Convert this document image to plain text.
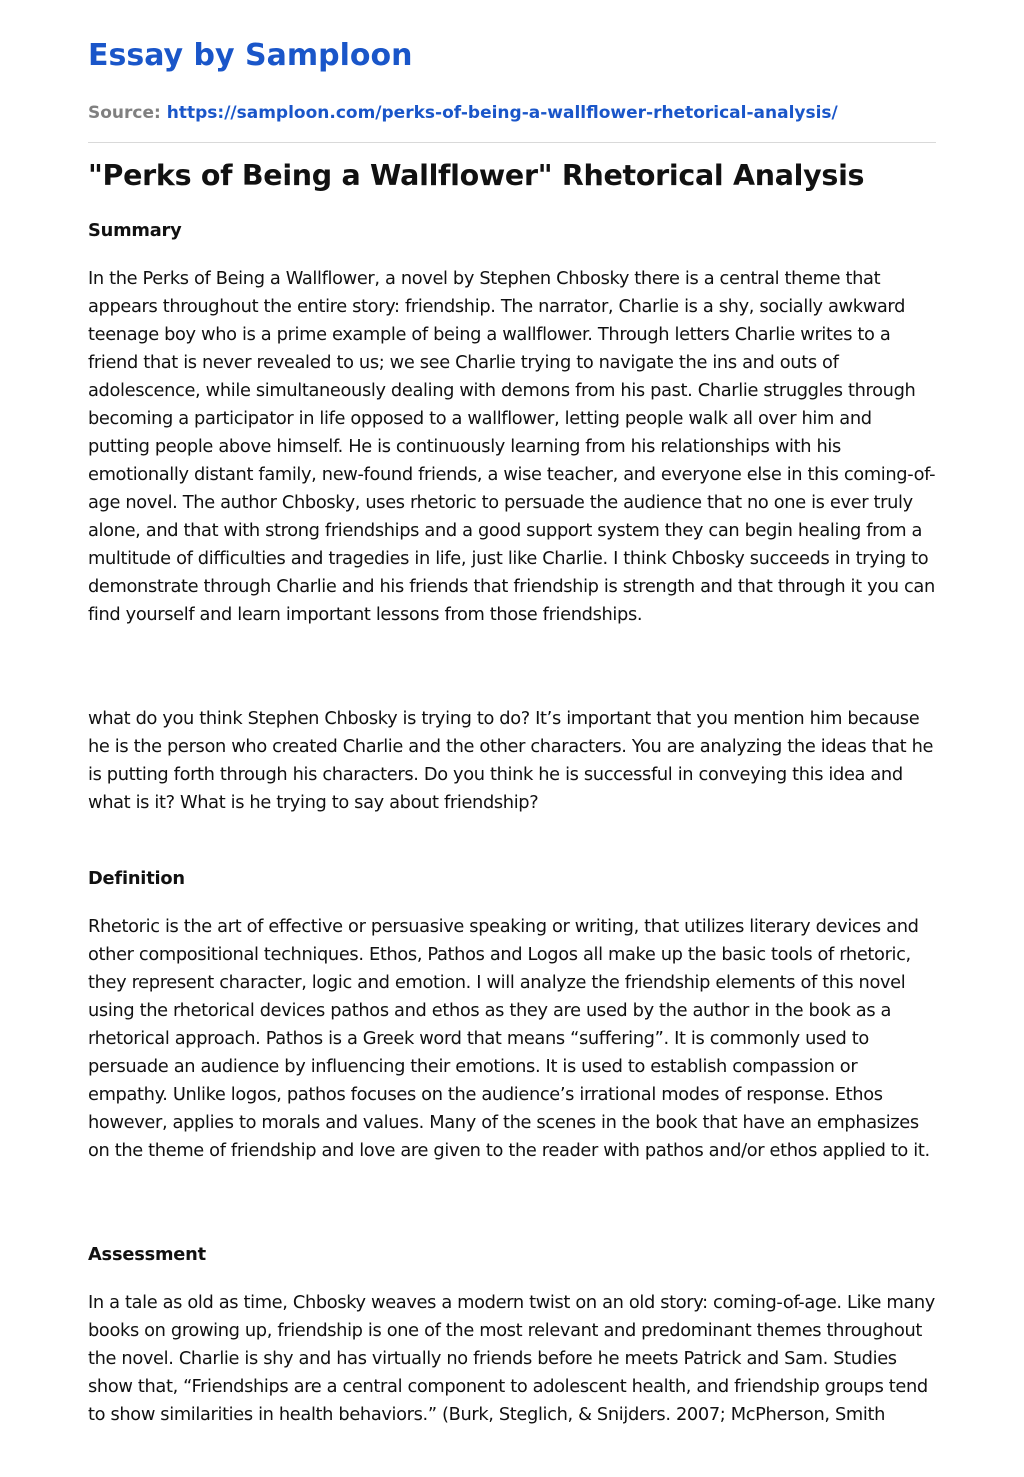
Essay by Samploon
Source: https://samploon.com/perks-of-being-a-wallflower-rhetorical-analysis/
"Perks of Being a Wallflower" Rhetorical Analysis
Summary

In the Perks of Being a Wallflower, a novel by Stephen Chbosky there is a central theme that appears throughout the entire story: friendship. The narrator, Charlie is a shy, socially awkward teenage boy who is a prime example of being a wallflower. Through letters Charlie writes to a friend that is never revealed to us; we see Charlie trying to navigate the ins and outs of adolescence, while simultaneously dealing with demons from his past. Charlie struggles through becoming a participator in life opposed to a wallflower, letting people walk all over him and putting people above himself. He is continuously learning from his relationships with his emotionally distant family, new-found friends, a wise teacher, and everyone else in this coming-of-age novel. The author Chbosky, uses rhetoric to persuade the audience that no one is ever truly alone, and that with strong friendships and a good support system they can begin healing from a multitude of difficulties and tragedies in life, just like Charlie. I think Chbosky succeeds in trying to demonstrate through Charlie and his friends that friendship is strength and that through it you can find yourself and learn important lessons from those friendships.

what do you think Stephen Chbosky is trying to do? It’s important that you mention him because he is the person who created Charlie and the other characters. You are analyzing the ideas that he is putting forth through his characters. Do you think he is successful in conveying this idea and what is it? What is he trying to say about friendship?

Definition

Rhetoric is the art of effective or persuasive speaking or writing, that utilizes literary devices and other compositional techniques. Ethos, Pathos and Logos all make up the basic tools of rhetoric, they represent character, logic and emotion. I will analyze the friendship elements of this novel using the rhetorical devices pathos and ethos as they are used by the author in the book as a rhetorical approach. Pathos is a Greek word that means “suffering”. It is commonly used to persuade an audience by influencing their emotions. It is used to establish compassion or empathy. Unlike logos, pathos focuses on the audience’s irrational modes of response. Ethos however, applies to morals and values. Many of the scenes in the book that have an emphasizes on the theme of friendship and love are given to the reader with pathos and/or ethos applied to it.

Assessment

In a tale as old as time, Chbosky weaves a modern twist on an old story: coming-of-age. Like many books on growing up, friendship is one of the most relevant and predominant themes throughout the novel. Charlie is shy and has virtually no friends before he meets Patrick and Sam. Studies show that, “Friendships are a central component to adolescent health, and friendship groups tend to show similarities in health behaviors.” (Burk, Steglich, & Snijders. 2007; McPherson, Smith
